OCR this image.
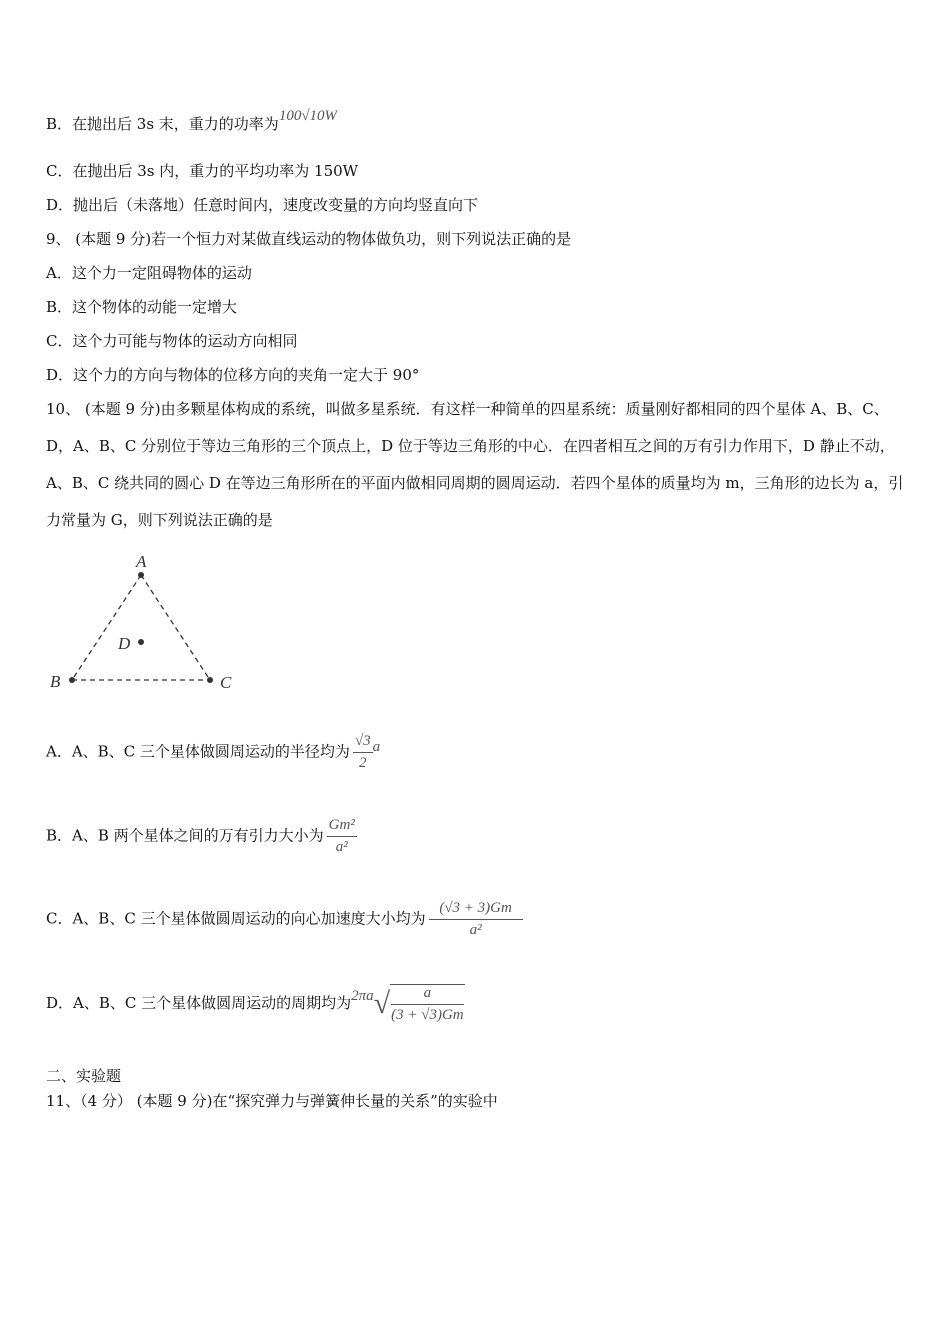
B．在抛出后 3s 末，重力的功率为100√10W
C．在抛出后 3s 内，重力的平均功率为 150W
D．抛出后（未落地）任意时间内，速度改变量的方向均竖直向下
9、 (本题 9 分)若一个恒力对某做直线运动的物体做负功，则下列说法正确的是
A．这个力一定阻碍物体的运动
B．这个物体的动能一定增大
C．这个力可能与物体的运动方向相同
D．这个力的方向与物体的位移方向的夹角一定大于 90°
10、 (本题 9 分)由多颗星体构成的系统，叫做多星系统．有这样一种简单的四星系统：质量刚好都相同的四个星体 A、B、C、D，A、B、C 分别位于等边三角形的三个顶点上，D 位于等边三角形的中心．在四者相互之间的万有引力作用下，D 静止不动，A、B、C 绕共同的圆心 D 在等边三角形所在的平面内做相同周期的圆周运动．若四个星体的质量均为 m，三角形的边长为 a，引力常量为 G，则下列说法正确的是
A
B	C
D
A．A、B、C 三个星体做圆周运动的半径均为 $\frac{√3}{2}$ a
B．A、B 两个星体之间的万有引力大小为 $\frac{\text{Gm²}}{\text{a²}}$
C．A、B、C 三个星体做圆周运动的向心加速度大小均为 $\frac{(√3 + 3)Gm}{\text{a²}}$
D．A、B、C 三个星体做圆周运动的周期均为$2\pi a√ \frac{a}{(3 + √3)Gm}$
二、实验题
11、（4 分） (本题 9 分)在“探究弹力与弹簧伸长量的关系”的实验中
